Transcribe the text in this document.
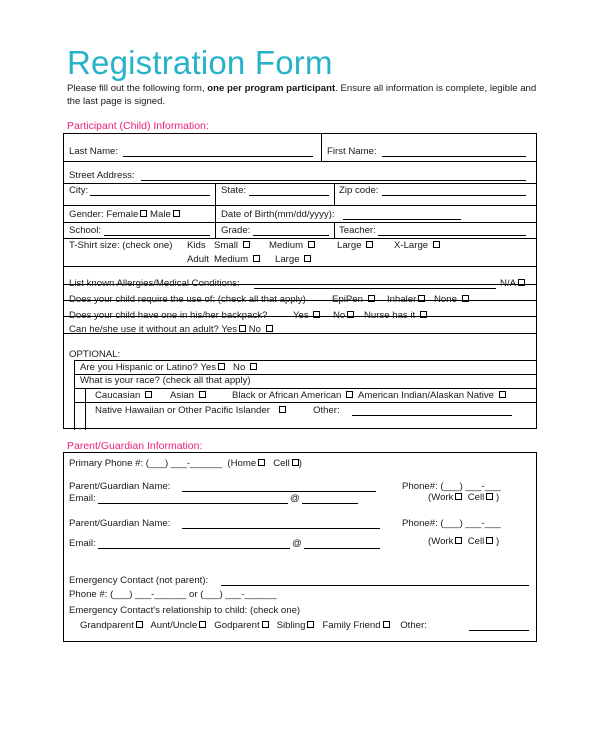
Registration Form
Please fill out the following form, one per program participant. Ensure all information is complete, legible and the last page is signed.
Participant (Child) Information:
Last Name:	First Name:
Street Address:
City:	State:	Zip code:
Gender: Female Male	Date of Birth(mm/dd/yyyy):
School:	Grade:	Teacher:
T-Shirt size: (check one) Kids Small	Medium	Large	X-Large
Adult Medium	Large
List known Allergies/Medical Conditions:	N/A
Does your child require the use of: (check all that apply)	EpiPen	Inhaler	None
Does your child have one in his/her backpack?	Yes	No	Nurse has it
Can he/she use it without an adult? Yes No
OPTIONAL:
Are you Hispanic or Latino? Yes No
What is your race? (check all that apply)
Caucasian	Asian	Black or African American	American Indian/Alaskan Native
Native Hawaiian or Other Pacific Islander	Other:
Parent/Guardian Information:
Primary Phone #: (___) ___-______ (Home Cell )
Parent/Guardian Name:	Phone#: (___) ___-___
(Work Cell )
Email:	@
Parent/Guardian Name:	Phone#: (___) ___-___
(Work Cell )
Email:	@
Emergency Contact (not parent):
Phone #: (___) ___-______ or (___) ___-______
Emergency Contact's relationship to child: (check one)
Grandparent Aunt/Uncle Godparent Sibling Family Friend Other:
